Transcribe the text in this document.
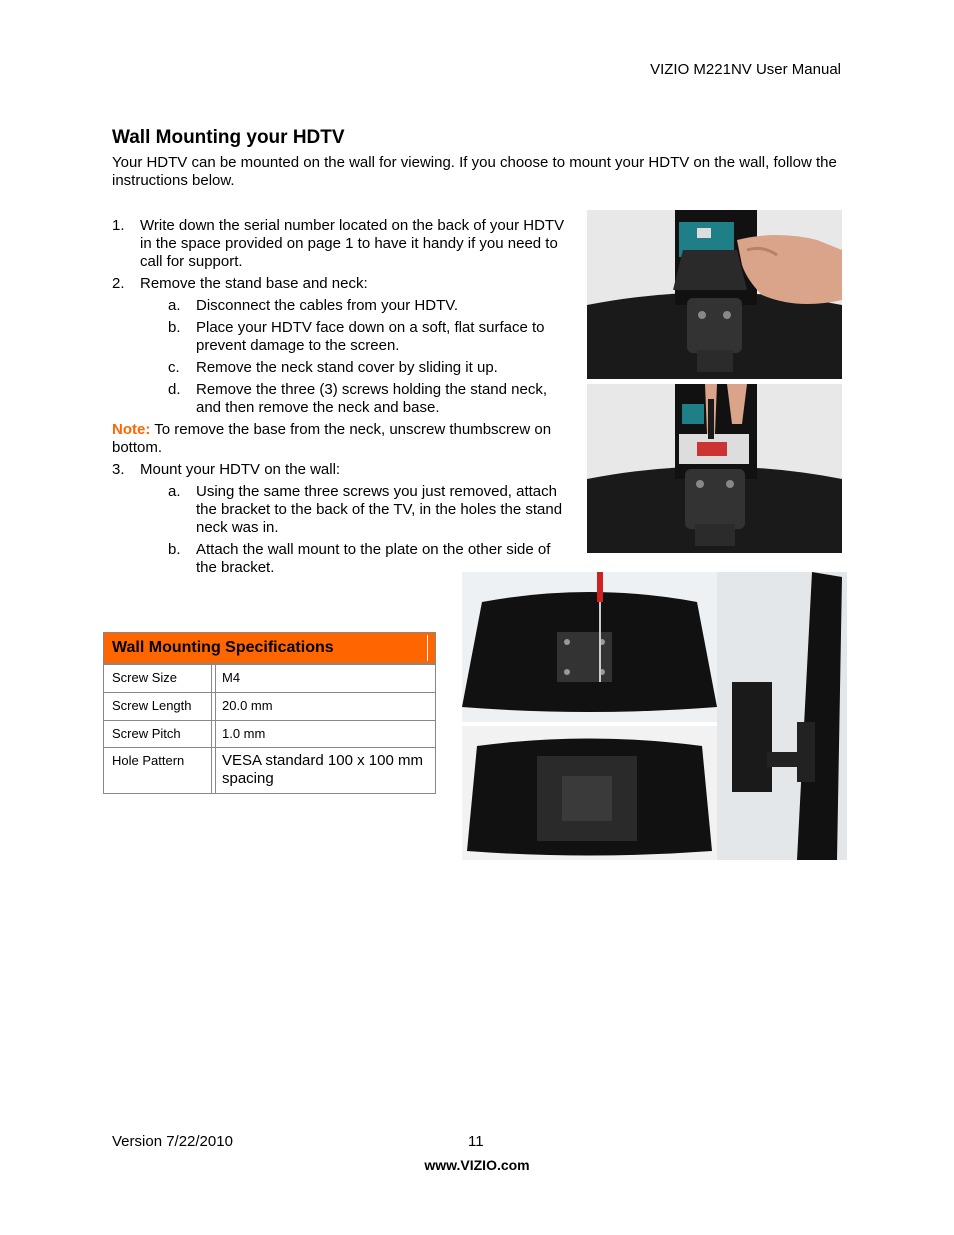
VIZIO M221NV User Manual
Wall Mounting your HDTV
Your HDTV can be mounted on the wall for viewing. If you choose to mount your HDTV on the wall, follow the instructions below.
1. Write down the serial number located on the back of your HDTV in the space provided on page 1 to have it handy if you need to call for support.
2. Remove the stand base and neck:
a. Disconnect the cables from your HDTV.
b. Place your HDTV face down on a soft, flat surface to prevent damage to the screen.
c. Remove the neck stand cover by sliding it up.
d. Remove the three (3) screws holding the stand neck, and then remove the neck and base.
Note: To remove the base from the neck, unscrew thumbscrew on bottom.
3. Mount your HDTV on the wall:
a. Using the same three screws you just removed, attach the bracket to the back of the TV, in the holes the stand neck was in.
b. Attach the wall mount to the plate on the other side of the bracket.
Wall Mounting Specifications
Screw Size	M4
Screw Length	20.0 mm
Screw Pitch	1.0 mm
Hole Pattern	VESA standard 100 x 100 mm spacing
Version 7/22/2010	11
www.VIZIO.com
